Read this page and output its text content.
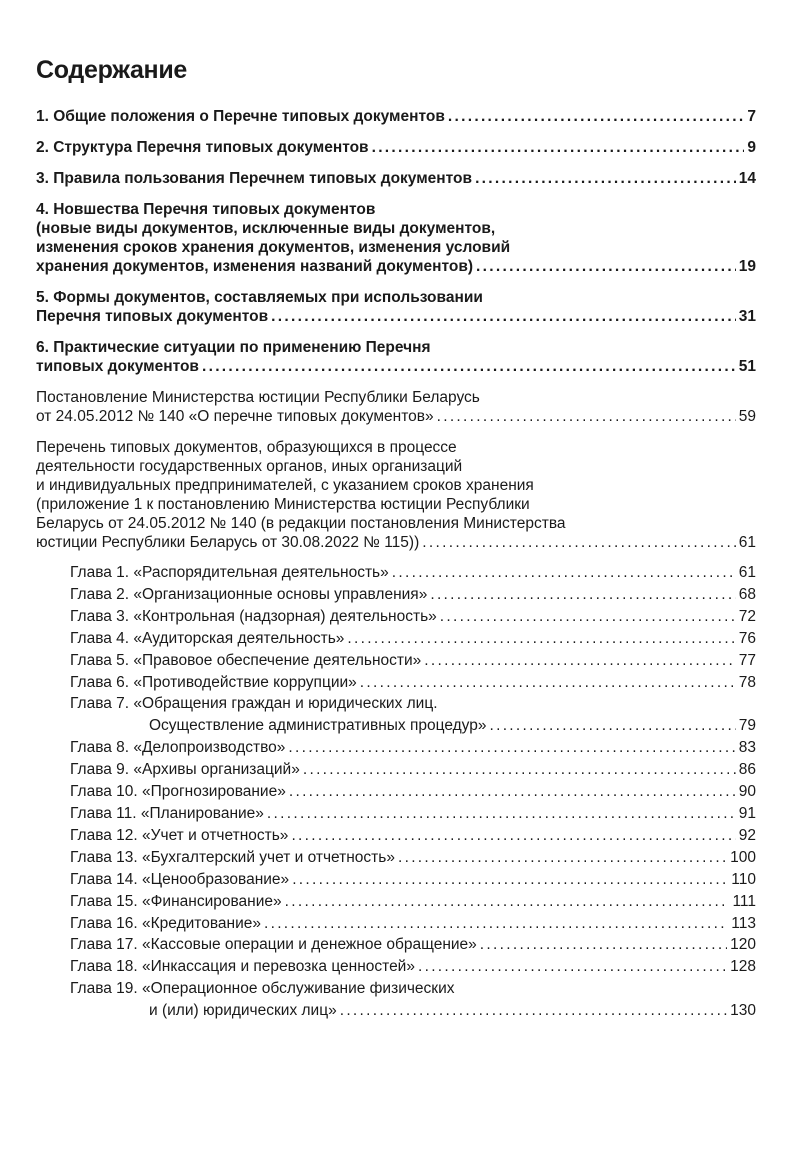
Содержание
1. Общие положения о Перечне типовых документов . . .	7
2. Структура Перечня типовых документов . . .	9
3. Правила пользования Перечнем типовых документов . . .	14
4. Новшества Перечня типовых документов
(новые виды документов, исключенные виды документов,
изменения сроков хранения документов, изменения условий
хранения документов, изменения названий документов) . . .	19
5. Формы документов, составляемых при использовании
Перечня типовых документов . . .	31
6. Практические ситуации по применению Перечня
типовых документов . . .	51
Постановление Министерства юстиции Республики Беларусь
от 24.05.2012 № 140 «О перечне типовых документов» . . .	59
Перечень типовых документов, образующихся в процессе
деятельности государственных органов, иных организаций
и индивидуальных предпринимателей, с указанием сроков хранения
(приложение 1 к постановлению Министерства юстиции Республики
Беларусь от 24.05.2012 № 140 (в редакции постановления Министерства
юстиции Республики Беларусь от 30.08.2022 № 115)) . . .	61
Глава 1. «Распорядительная деятельность» . . .	61
Глава 2. «Организационные основы управления» . . .	68
Глава 3. «Контрольная (надзорная) деятельность» . . .	72
Глава 4. «Аудиторская деятельность» . . .	76
Глава 5. «Правовое обеспечение деятельности» . . .	77
Глава 6. «Противодействие коррупции» . . .	78
Глава 7. «Обращения граждан и юридических лиц.
Осуществление административных процедур» . . .	79
Глава 8. «Делопроизводство» . . .	83
Глава 9. «Архивы организаций» . . .	86
Глава 10. «Прогнозирование» . . .	90
Глава 11. «Планирование» . . .	91
Глава 12. «Учет и отчетность» . . .	92
Глава 13. «Бухгалтерский учет и отчетность» . . .	100
Глава 14. «Ценообразование» . . .	110
Глава 15. «Финансирование» . . .	111
Глава 16. «Кредитование» . . .	113
Глава 17. «Кассовые операции и денежное обращение» . . .	120
Глава 18. «Инкассация и перевозка ценностей» . . .	128
Глава 19. «Операционное обслуживание физических
и (или) юридических лиц» . . .	130
